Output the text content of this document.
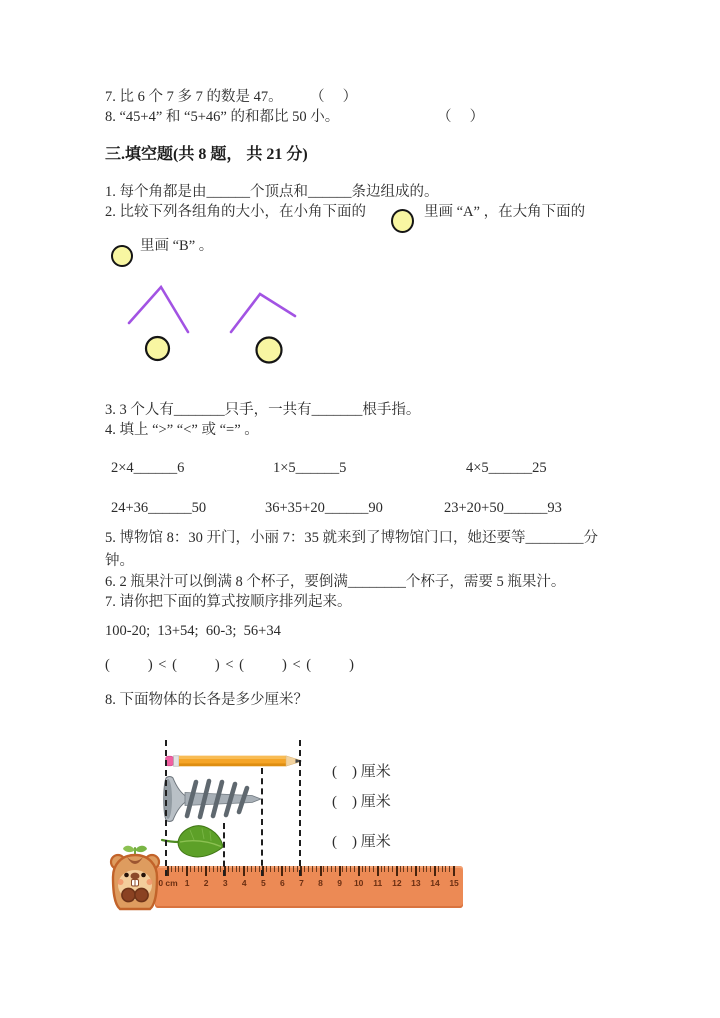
7. 比 6 个 7 多 7 的数是 47。 （     ）
8. “45+4” 和 “5+46” 的和都比 50 小。	（     ）
三.填空题(共 8 题， 共 21 分)
1. 每个角都是由______个顶点和______条边组成的。
2. 比较下列各组角的大小，在小角下面的	里画 “A” ，在大角下面的
里画 “B” 。
3. 3 个人有_______只手，一共有_______根手指。
4. 填上 “>” “<” 或 “=” 。
2×4______6	1×5______5	4×5______25
24+36______50	36+35+20______90	23+20+50______93
5. 博物馆 8：30 开门，小丽 7：35 就来到了博物馆门口，她还要等________分
钟。
6. 2 瓶果汁可以倒满 8 个杯子，要倒满________个杯子，需要 5 瓶果汁。
7. 请你把下面的算式按顺序排列起来。
100-20;  13+54;  60-3;  56+34
(        ) < (        ) < (        ) < (        )
8. 下面物体的长各是多少厘米？
(    ) 厘米
(    ) 厘米
(    ) 厘米
0 cm 1 2 3 4 5 6 7 8 9 10 11 12 13 14 15
